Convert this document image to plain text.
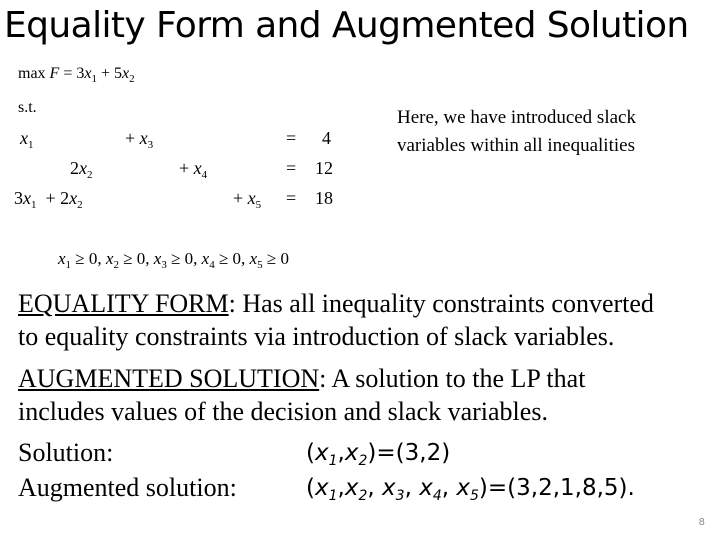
Equality Form and Augmented Solution
$\max F = 3x_1 + 5x_2$
s.t.
$x_1$	+ $x_3$	= 4
$2x_2$	+ $x_4$	= 12
$3x_1 + 2x_2$	+ $x_5 = 18$
$x_1 \ge 0$, $x_2 \ge 0$, $x_3 \ge 0$, $x_4 \ge 0$, $x_5 \ge 0$
Here, we have introduced slack
variables within all inequalities
EQUALITY FORM: Has all inequality constraints converted
to equality constraints via introduction of slack variables.
AUGMENTED SOLUTION: A solution to the LP that
includes values of the decision and slack variables.
Solution:	$(x_1,x_2)=(3,2)$
Augmented solution:	($x_1,x_2$, $x_3$, $x_4$, $x_5)=(3,2,1,8,5)$.
8
